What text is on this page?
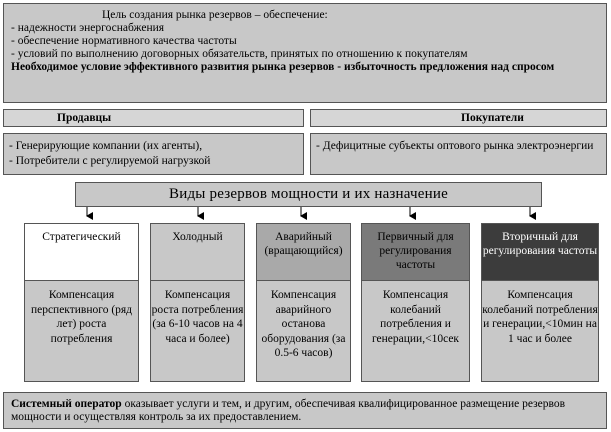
Цель создания рынка резервов – обеспечение:
- надежности энергоснабжения
- обеспечение нормативного качества частоты
- условий по выполнению договорных обязательств, принятых по отношению к покупателям
Необходимое условие эффективного развития рынка резервов - избыточность предложения над спросом
Продавцы	Покупатели
- Генерирующие компании (их агенты),
- Потребители с регулируемой нагрузкой
- Дефицитные субъекты оптового рынка электроэнергии
Виды резервов мощности и их назначение
Стратегический
Компенсация перспективного (ряд лет) роста потребления
Холодный
Компенсация роста потребления (за 6-10 часов на 4 часа и более)
Аварийный (вращающийся)
Компенсация аварийного останова оборудования (за 0.5-6 часов)
Первичный для регулирования частоты
Компенсация колебаний потребления и генерации,<10сек
Вторичный для регулирования частоты
Компенсация колебаний потребления и генерации,<10мин на 1 час и более
Системный оператор оказывает услуги и тем, и другим, обеспечивая квалифицированное размещение резервов мощности и осуществляя контроль за их предоставлением.
